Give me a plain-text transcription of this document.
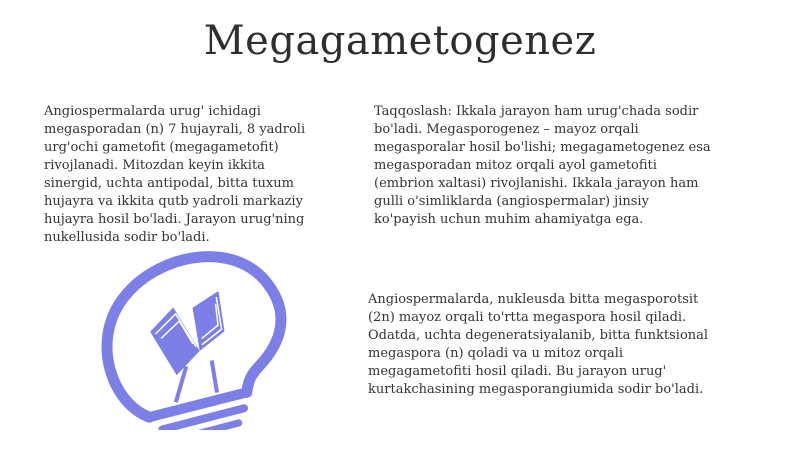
Megagametogenez
Angiospermalarda urug' ichidagi
megasporadan (n) 7 hujayrali, 8 yadroli
urg'ochi gametofit (megagametofit)
rivojlanadi. Mitozdan keyin ikkita
sinergid, uchta antipodal, bitta tuxum
hujayra va ikkita qutb yadroli markaziy
hujayra hosil bo'ladi. Jarayon urug'ning
nukellusida sodir bo'ladi.
Taqqoslash: Ikkala jarayon ham urug'chada sodir
bo'ladi. Megasporogenez – mayoz orqali
megasporalar hosil bo'lishi; megagametogenez esa
megasporadan mitoz orqali ayol gametofiti
(embrion xaltasi) rivojlanishi. Ikkala jarayon ham
gulli o'simliklarda (angiospermalar) jinsiy
ko'payish uchun muhim ahamiyatga ega.
Angiospermalarda, nukleusda bitta megasporotsit
(2n) mayoz orqali to'rtta megaspora hosil qiladi.
Odatda, uchta degeneratsiyalanib, bitta funktsional
megaspora (n) qoladi va u mitoz orqali
megagametofiti hosil qiladi. Bu jarayon urug'
kurtakchasining megasporangiumida sodir bo'ladi.
